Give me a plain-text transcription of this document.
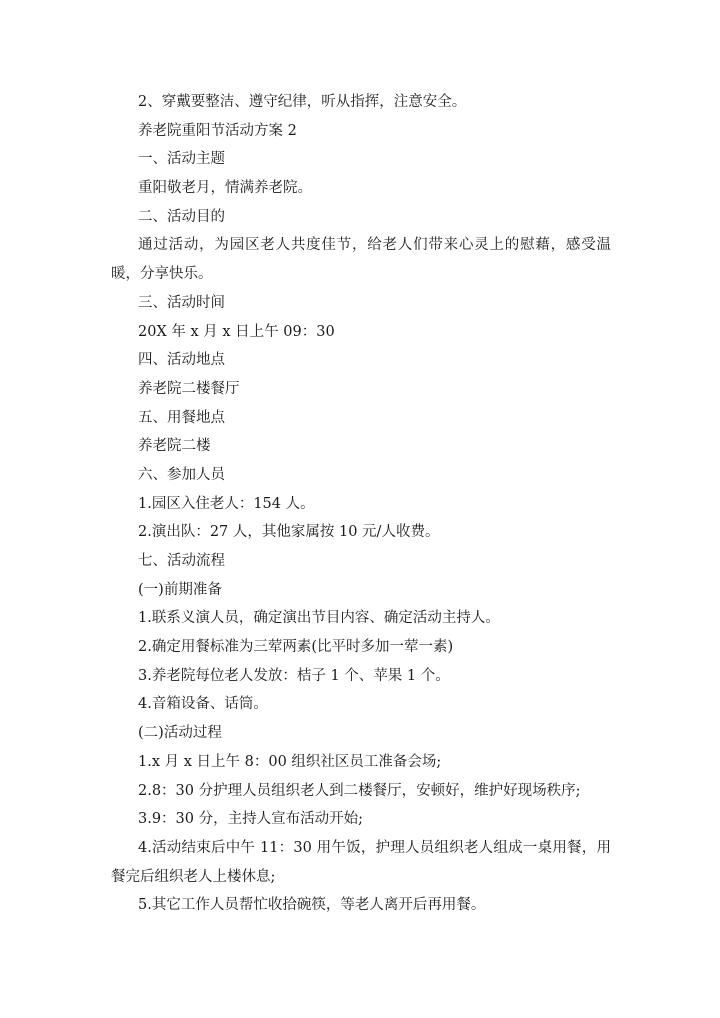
2、穿戴要整洁、遵守纪律，听从指挥，注意安全。
养老院重阳节活动方案 2
一、活动主题
重阳敬老月，情满养老院。
二、活动目的
通过活动，为园区老人共度佳节，给老人们带来心灵上的慰藉，感受温暖，分享快乐。
三、活动时间
20X 年 x 月 x 日上午 09：30
四、活动地点
养老院二楼餐厅
五、用餐地点
养老院二楼
六、参加人员
1.园区入住老人：154 人。
2.演出队：27 人，其他家属按 10 元/人收费。
七、活动流程
(一)前期准备
1.联系义演人员，确定演出节目内容、确定活动主持人。
2.确定用餐标准为三荤两素(比平时多加一荤一素)
3.养老院每位老人发放：桔子 1 个、苹果 1 个。
4.音箱设备、话筒。
(二)活动过程
1.x 月 x 日上午 8：00 组织社区员工准备会场;
2.8：30 分护理人员组织老人到二楼餐厅，安顿好，维护好现场秩序;
3.9：30 分，主持人宣布活动开始;
4.活动结束后中午 11：30 用午饭，护理人员组织老人组成一桌用餐，用餐完后组织老人上楼休息;
5.其它工作人员帮忙收拾碗筷，等老人离开后再用餐。
